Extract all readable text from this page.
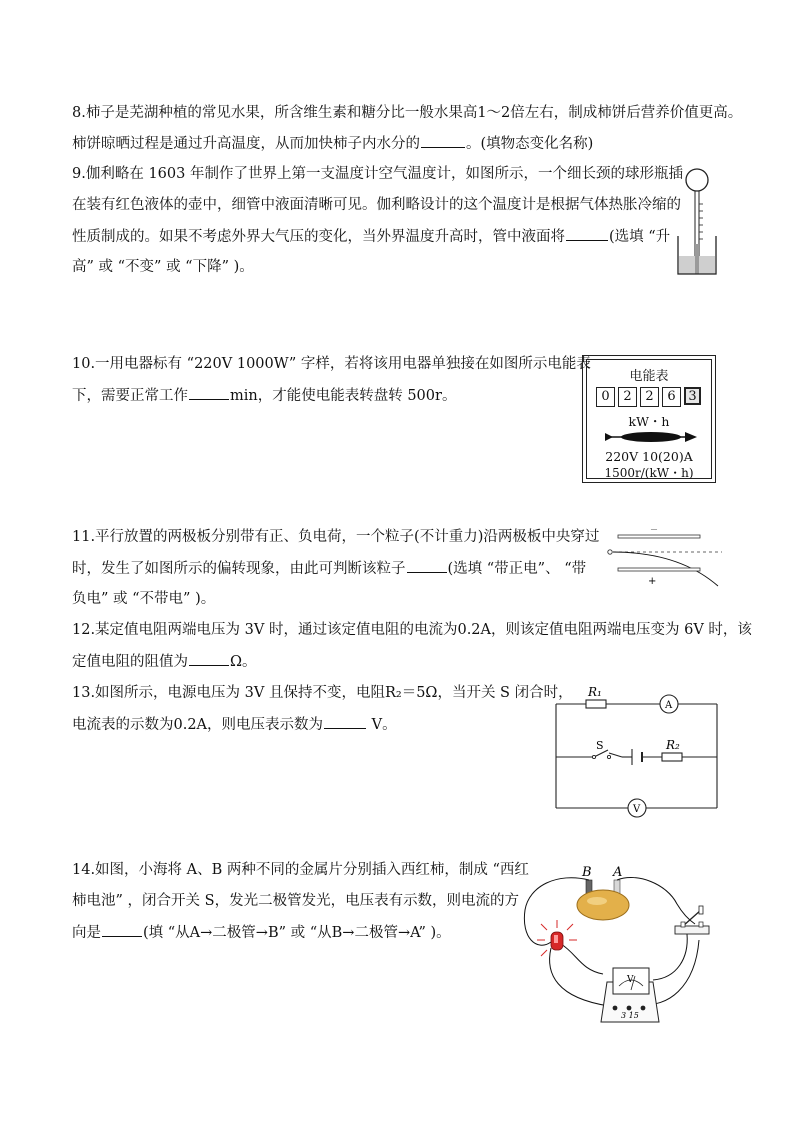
8.柿子是芜湖种植的常见水果，所含维生素和糖分比一般水果高1～2倍左右，制成柿饼后营养价值更高。
柿饼晾晒过程是通过升高温度，从而加快柿子内水分的	。(填物态变化名称)
9.伽利略在 1603 年制作了世界上第一支温度计空气温度计，如图所示，一个细长颈的球形瓶插
在装有红色液体的壶中，细管中液面清晰可见。伽利略设计的这个温度计是根据气体热胀冷缩的
性质制成的。如果不考虑外界大气压的变化，当外界温度升高时，管中液面将	(选填 “升
高” 或 “不变” 或 “下降” )。
10.一用电器标有 “220V 1000W” 字样，若将该用电器单独接在如图所示电能表
下，需要正常工作	min，才能使电能表转盘转 500r。
电能表
0	2	2	6 3
kW・h
220V 10(20)A
1500r/(kW・h)
11.平行放置的两极板分别带有正、负电荷，一个粒子(不计重力)沿两极板中央穿过
时，发生了如图所示的偏转现象，由此可判断该粒子	(选填 “带正电”、 “带
负电” 或 “不带电” )。
－
+
12.某定值电阻两端电压为 3V 时，通过该定值电阻的电流为0.2A，则该定值电阻两端电压变为 6V 时，该
定值电阻的阻值为	Ω。
13.如图所示，电源电压为 3V 且保持不变，电阻R₂＝5Ω，当开关 S 闭合时，
电流表的示数为0.2A，则电压表示数为	V。
R₁
A
S	R₂
V
14.如图，小海将 A、B 两种不同的金属片分别插入西红柿，制成 “西红
柿电池” ，闭合开关 S，发光二极管发光，电压表有示数，则电流的方
向是	(填 “从A→二极管→B” 或 “从B→二极管→A” )。
B A
V
3 15
